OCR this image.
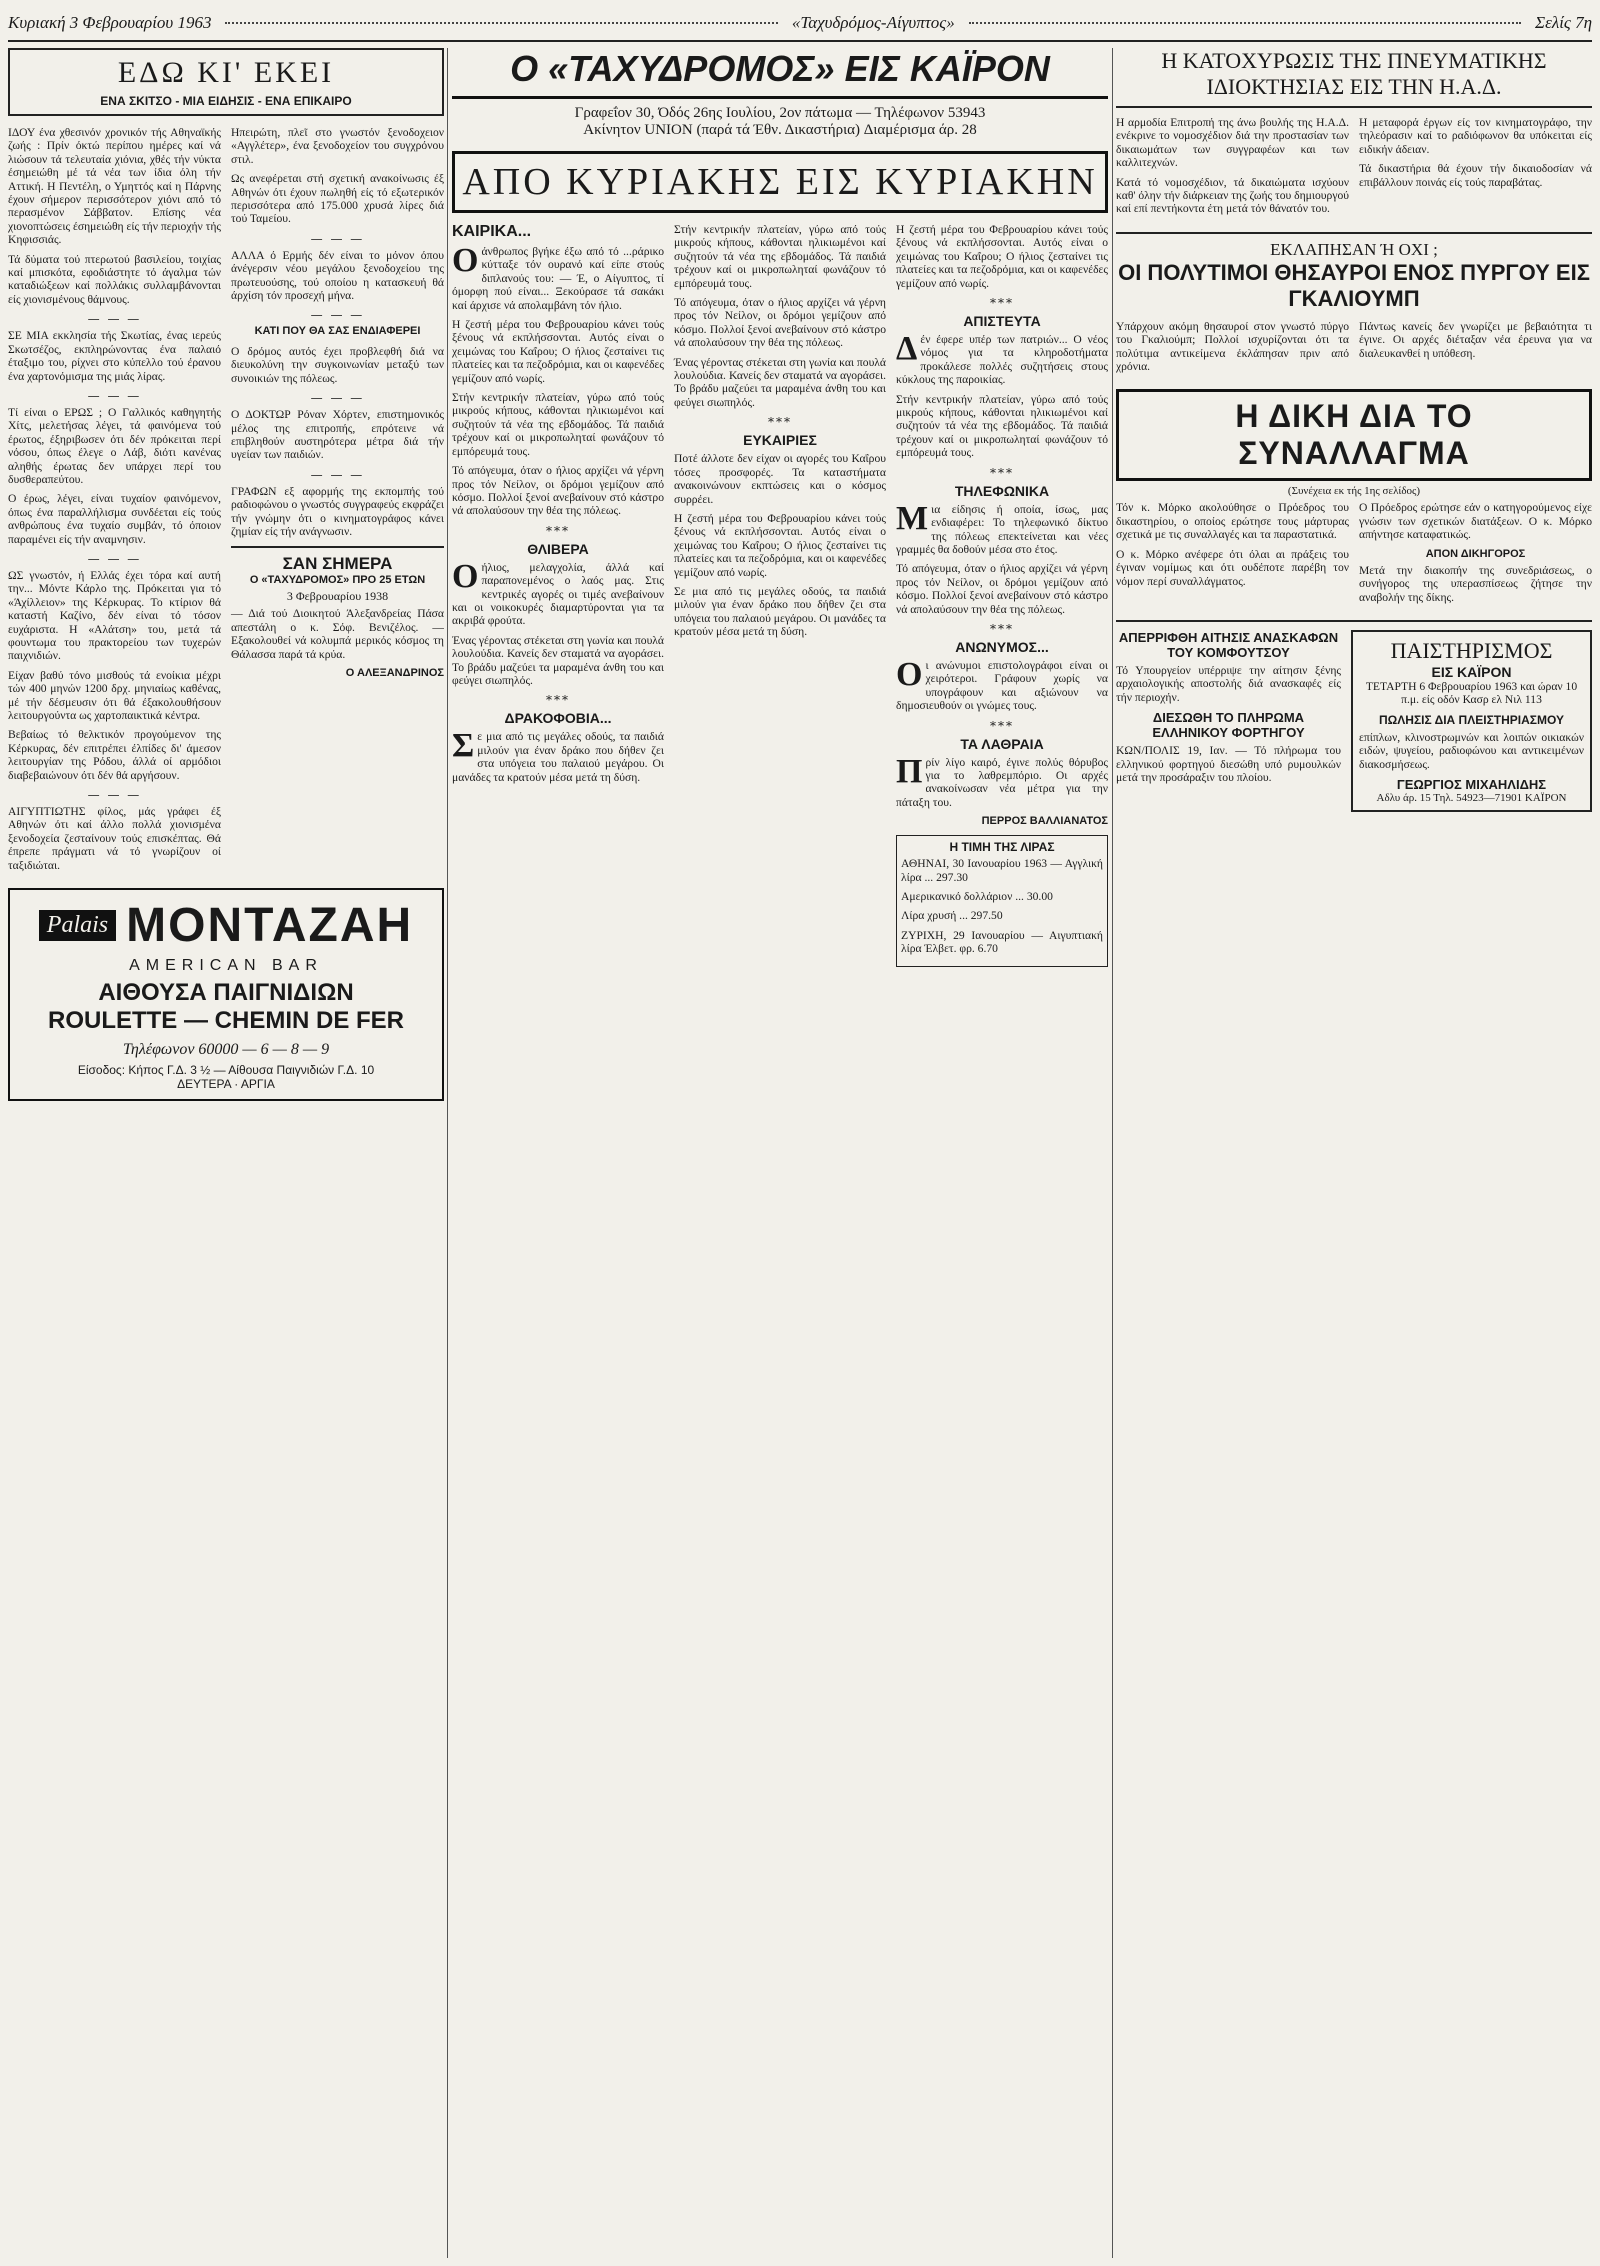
Κυριακή 3 Φεβρουαρίου 1963	«Ταχυδρόμος-Αίγυπτος»	Σελίς 7η
ΕΔΩ ΚΙ' ΕΚΕΙ
ΕΝΑ ΣΚΙΤΣΟ - ΜΙΑ ΕΙΔΗΣΙΣ - ΕΝΑ ΕΠΙΚΑΙΡΟ

ΙΔΟΥ ένα χθεσινόν χρονικόν τής Αθηναϊκής ζωής : Πρίν όκτώ περίπου ημέρες καί νά λιώσουν τά τελευταία χιόνια, χθές τήν νύκτα έσημειώθη μέ τά νέα των ίδια όλη τήν Αττική. Η Πεντέλη, ο Υμηττός καί η Πάρνης έχουν σήμερον περισσότερον χιόνι από τό περασμένον Σάββατον. Επίσης νέα χιονοπτώσεις έσημειώθη είς τήν περιοχήν τής Κηφισσιάς.

Τά δύματα τού πτερωτού βασιλείου, τοιχίας καί μπισκότα, εφοδιάστητε τό άγαλμα τών καταδιώξεων καί πολλάκις συλλαμβάνονται είς χιονισμένους θάμνους.

— — —

ΣΕ ΜΙΑ εκκλησία τής Σκωτίας, ένας ιερεύς Σκωτσέζος, εκπληρώνοντας ένα παλαιό έταξιμο του, ρίχνει στο κύπελλο τού έρανου ένα χαρτονόμισμα της μιάς λίρας.

— — —

Τί είναι ο ΕΡΩΣ ; Ο Γαλλικός καθηγητής Χίτς, μελετήσας λέγει, τά φαινόμενα τού έρωτος, έξηριβωσεν ότι δέν πρόκειται περί νόσου, όπως έλεγε ο Λάβ, διότι κανένας αληθής έρωτας δεν υπάρχει περί του δυσθεραπεύτου.

Ο έρως, λέγει, είναι τυχαίον φαινόμενον, όπως ένα παραλλήλισμα συνδέεται είς τούς ανθρώπους ένα τυχαίο συμβάν, τό όποιον παραμένει είς τήν αναμνησιν.

— — —

ΩΣ γνωστόν, ή Ελλάς έχει τόρα καί αυτή την... Μόντε Κάρλο της. Πρόκειται για τό «Άχίλλειον» της Κέρκυρας. Το κτίριον θά καταστή Καζίνο, δέν είναι τό τόσον ευχάριστα. Η «Αλάτση» του, μετά τά φουντωμα του πρακτορείου των τυχερών παιχνιδιών.

Είχαν βαθύ τόνο μισθούς τά ενοίκια μέχρι τών 400 μηνών 1200 δρχ. μηνιαίως καθένας, μέ τήν δέσμευσιν ότι θά έξακολουθήσουν λειτουργούντα ως χαρτοπαικτικά κέντρα.

Βεβαίως τό θελκτικόν προγούμενον της Κέρκυρας, δέν επιτρέπει έλπίδες δι' άμεσον λειτουργίαν της Ρόδου, άλλά οί αρμόδιοι διαβεβαιώνουν ότι δέν θά αργήσουν.

— — —

ΑΙΓΥΠΤΙΩΤΗΣ φίλος, μάς γράφει έξ Αθηνών ότι καί άλλο πολλά χιονισμένα ξενοδοχεία ζεσταίνουν τούς επισκέπτας. Θά έπρεπε πράγματι νά τό γνωρίζουν οί ταξιδιώται.

Ηπειρώτη, πλεῖ στο γνωστόν ξενοδοχειον «Αγγλέτερ», ένα ξενοδοχείον του συγχρόνου στιλ.

Ως ανεφέρεται στή σχετική ανακοίνωσις έξ Αθηνών ότι έχουν πωληθή είς τό εξωτερικόν περισσότερα από 175.000 χρυσά λίρες διά τού Ταμείου.

— — —

ΑΛΛΑ ό Ερμής δέν είναι το μόνον όπου άνέγερσιν νέου μεγάλου ξενοδοχείου της πρωτευούσης, τού οποίου η κατασκευή θά άρχίση τόν προσεχή μήνα.

— — —

ΚΑΤΙ ΠΟΥ ΘΑ ΣΑΣ ΕΝΔΙΑΦΕΡΕΙ

Ο δρόμος αυτός έχει προβλεφθή διά να διευκολύνη την συγκοινωνίαν μεταξύ των συνοικιών της πόλεως.

— — —

Ο ΔΟΚΤΩΡ Ρόναν Χόρτεν, επιστημονικός μέλος της επιτροπής, επρότεινε νά επιβληθούν αυστηρότερα μέτρα διά τήν υγείαν των παιδιών.

— — —

ΓΡΑΦΩΝ εξ αφορμής της εκπομπής τού ραδιοφώνου ο γνωστός συγγραφεύς εκφράζει τήν γνώμην ότι ο κινηματογράφος κάνει ζημίαν είς τήν ανάγνωσιν.

ΣΑΝ ΣΗΜΕΡΑ
Ο «ΤΑΧΥΔΡΟΜΟΣ» ΠΡΟ 25 ΕΤΩΝ
3 Φεβρουαρίου 1938

— Διά τού Διοικητού Άλεξανδρείας Πάσα απεστάλη ο κ. Σόφ. Βενιζέλος. — Εξακολουθεί νά κολυμπά μερικός κόσμος τη Θάλασσα παρά τά κρύα.

Ο ΑΛΕΞΑΝΔΡΙΝΟΣ
Palais MONTAZAH
AMERICAN BAR
ΑΙΘΟΥΣΑ ΠΑΙΓΝΙΔΙΩΝ
ROULETTE — CHEMIN DE FER
Τηλέφωνον 60000 — 6 — 8 — 9
Είσοδος: Κήπος Γ.Δ. 3 ½ — Αίθουσα Παιγνιδιών Γ.Δ. 10
ΔΕΥΤΕΡΑ · ΑΡΓΙΑ
Ο «ΤΑΧΥΔΡΟΜΟΣ» ΕΙΣ ΚΑΪΡΟΝ
Γραφεΐον 30, Όδός 26ης Ιουλίου, 2ον πάτωμα — Τηλέφωνον 53943
Ακίνητον UNION (παρά τά Έθν. Δικαστήρια) Διαμέρισμα άρ. 28
ΑΠΟ ΚΥΡΙΑΚΗΣ ΕΙΣ ΚΥΡΙΑΚΗΝ
ΚΑΙΡΙΚΑ...

Οάνθρωπος βγήκε έξω από τό ...ράρικο κύτταξε τόν ουρανό καί είπε στούς διπλανούς του: — Έ, ο Αίγυπτος, τί όμορφη πού είναι... Ξεκούρασε τά σακάκι καί άρχισε νά απολαμβάνη τόν ήλιο.

Η ζεστή μέρα του Φεβρουαρίου κάνει τούς ξένους νά εκπλήσσονται. Αυτός είναι ο χειμώνας του Καΐρου; Ο ήλιος ζεσταίνει τις πλατείες και τα πεζοδρόμια, και οι καφενέδες γεμίζουν από νωρίς.

Στήν κεντρικήν πλατείαν, γύρω από τούς μικρούς κήπους, κάθονται ηλικιωμένοι καί συζητούν τά νέα της εβδομάδος. Τά παιδιά τρέχουν καί οι μικροπωληταί φωνάζουν τό εμπόρευμά τους.

Τό απόγευμα, όταν ο ήλιος αρχίζει νά γέρνη προς τόν Νείλον, οι δρόμοι γεμίζουν από κόσμο. Πολλοί ξενοί ανεβαίνουν στό κάστρο νά απολαύσουν την θέα της πόλεως.

***
ΘΛΙΒΕΡΑ

Οήλιος, μελαγχολία, άλλά καί παραπονεμένος ο λαός μας. Στις κεντρικές αγορές οι τιμές ανεβαίνουν και οι νοικοκυρές διαμαρτύρονται για τα ακριβά φρούτα.

Ένας γέροντας στέκεται στη γωνία και πουλά λουλούδια. Κανείς δεν σταματά να αγοράσει. Το βράδυ μαζεύει τα μαραμένα άνθη του και φεύγει σιωπηλός.

***
ΔΡΑΚΟΦΟΒΙΑ...

Σε μια από τις μεγάλες οδούς, τα παιδιά μιλούν για έναν δράκο που δήθεν ζει στα υπόγεια του παλαιού μεγάρου. Οι μανάδες τα κρατούν μέσα μετά τη δύση.

Στήν κεντρικήν πλατείαν, γύρω από τούς μικρούς κήπους, κάθονται ηλικιωμένοι καί συζητούν τά νέα της εβδομάδος. Τά παιδιά τρέχουν καί οι μικροπωληταί φωνάζουν τό εμπόρευμά τους.

Τό απόγευμα, όταν ο ήλιος αρχίζει νά γέρνη προς τόν Νείλον, οι δρόμοι γεμίζουν από κόσμο. Πολλοί ξενοί ανεβαίνουν στό κάστρο νά απολαύσουν την θέα της πόλεως.

Ένας γέροντας στέκεται στη γωνία και πουλά λουλούδια. Κανείς δεν σταματά να αγοράσει. Το βράδυ μαζεύει τα μαραμένα άνθη του και φεύγει σιωπηλός.

***
ΕΥΚΑΙΡΙΕΣ

Ποτέ άλλοτε δεν είχαν οι αγορές του Καΐρου τόσες προσφορές. Τα καταστήματα ανακοινώνουν εκπτώσεις και ο κόσμος συρρέει.

Η ζεστή μέρα του Φεβρουαρίου κάνει τούς ξένους νά εκπλήσσονται. Αυτός είναι ο χειμώνας του Καΐρου; Ο ήλιος ζεσταίνει τις πλατείες και τα πεζοδρόμια, και οι καφενέδες γεμίζουν από νωρίς.

Σε μια από τις μεγάλες οδούς, τα παιδιά μιλούν για έναν δράκο που δήθεν ζει στα υπόγεια του παλαιού μεγάρου. Οι μανάδες τα κρατούν μέσα μετά τη δύση.

Η ζεστή μέρα του Φεβρουαρίου κάνει τούς ξένους νά εκπλήσσονται. Αυτός είναι ο χειμώνας του Καΐρου; Ο ήλιος ζεσταίνει τις πλατείες και τα πεζοδρόμια, και οι καφενέδες γεμίζουν από νωρίς.

***
ΑΠΙΣΤΕΥΤΑ

Δέν έφερε υπέρ των πατριών... Ο νέος νόμος για τα κληροδοτήματα προκάλεσε πολλές συζητήσεις στους κύκλους της παροικίας.

Στήν κεντρικήν πλατείαν, γύρω από τούς μικρούς κήπους, κάθονται ηλικιωμένοι καί συζητούν τά νέα της εβδομάδος. Τά παιδιά τρέχουν καί οι μικροπωληταί φωνάζουν τό εμπόρευμά τους.

***
ΤΗΛΕΦΩΝΙΚΑ

Μια είδησις ή οποία, ίσως, μας ενδιαφέρει: Το τηλεφωνικό δίκτυο της πόλεως επεκτείνεται και νέες γραμμές θα δοθούν μέσα στο έτος.

Τό απόγευμα, όταν ο ήλιος αρχίζει νά γέρνη προς τόν Νείλον, οι δρόμοι γεμίζουν από κόσμο. Πολλοί ξενοί ανεβαίνουν στό κάστρο νά απολαύσουν την θέα της πόλεως.

***
ΑΝΩΝΥΜΟΣ...

Οι ανώνυμοι επιστολογράφοι είναι οι χειρότεροι. Γράφουν χωρίς να υπογράφουν και αξιώνουν να δημοσιευθούν οι γνώμες τους.

***
ΤΑ ΛΑΘΡΑΙΑ

Πρίν λίγο καιρό, έγινε πολύς θόρυβος για το λαθρεμπόριο. Οι αρχές ανακοίνωσαν νέα μέτρα για την πάταξη του.

ΠΕΡΡΟΣ ΒΑΛΛΙΑΝΑΤΟΣ
Η ΤΙΜΗ ΤΗΣ ΛΙΡΑΣ
ΑΘΗΝΑΙ, 30 Ιανουαρίου 1963 — Αγγλική λίρα ... 297.30
Αμερικανικό δολλάριον ... 30.00
Λίρα χρυσή ... 297.50
ΖΥΡΙΧΗ, 29 Ιανουαρίου — Αιγυπτιακή λίρα Έλβετ. φρ. 6.70
Η ΚΑΤΟΧΥΡΩΣΙΣ ΤΗΣ ΠΝΕΥΜΑΤΙΚΗΣ ΙΔΙΟΚΤΗΣΙΑΣ ΕΙΣ ΤΗΝ Η.Α.Δ.

Η αρμοδία Επιτροπή της άνω βουλής της Η.Α.Δ. ενέκρινε το νομοσχέδιον διά την προστασίαν των δικαιωμάτων των συγγραφέων και των καλλιτεχνών.

Κατά τό νομοσχέδιον, τά δικαιώματα ισχύουν καθ' όλην τήν διάρκειαν της ζωής του δημιουργού καί επί πεντήκοντα έτη μετά τόν θάνατόν του.

Η μεταφορά έργων είς τον κινηματογράφο, την τηλεόρασιν καί το ραδιόφωνον θα υπόκειται είς ειδικήν άδειαν.

Τά δικαστήρια θά έχουν τήν δικαιοδοσίαν νά επιβάλλουν ποινάς είς τούς παραβάτας.

ΕΚΛΑΠΗΣΑΝ Ή ΟΧΙ ;
ΟΙ ΠΟΛΥΤΙΜΟΙ ΘΗΣΑΥΡΟΙ ΕΝΟΣ ΠΥΡΓΟΥ ΕΙΣ ΓΚΑΛΙΟΥΜΠ

Υπάρχουν ακόμη θησαυροί στον γνωστό πύργο του Γκαλιούμπ; Πολλοί ισχυρίζονται ότι τα πολύτιμα αντικείμενα έκλάπησαν πριν από χρόνια.

Πάντως κανείς δεν γνωρίζει με βεβαιότητα τι έγινε. Οι αρχές διέταξαν νέα έρευνα για να διαλευκανθεί η υπόθεση.

Η ΔΙΚΗ ΔΙΑ ΤΟ ΣΥΝΑΛΛΑΓΜΑ
(Συνέχεια εκ τής 1ης σελίδος)

Τόν κ. Μόρκο ακολούθησε ο Πρόεδρος του δικαστηρίου, ο οποίος ερώτησε τους μάρτυρας σχετικά με τις συναλλαγές και τα παραστατικά.

Ο κ. Μόρκο ανέφερε ότι όλαι αι πράξεις του έγιναν νομίμως και ότι ουδέποτε παρέβη τον νόμον περί συναλλάγματος.

Ο Πρόεδρος ερώτησε εάν ο κατηγορούμενος είχε γνώσιν των σχετικών διατάξεων. Ο κ. Μόρκο απήντησε καταφατικώς.

ΑΠΟΝ ΔΙΚΗΓΟΡΟΣ

Μετά την διακοπήν της συνεδριάσεως, ο συνήγορος της υπερασπίσεως ζήτησε την αναβολήν της δίκης.

ΑΠΕΡΡΙΦΘΗ ΑΙΤΗΣΙΣ ΑΝΑΣΚΑΦΩΝ ΤΟΥ ΚΟΜΦΟΥΤΣΟΥ

Τό Υπουργείον υπέρριψε την αίτησιν ξένης αρχαιολογικής αποστολής διά ανασκαφές είς τήν περιοχήν.

ΔΙΕΣΩΘΗ ΤΟ ΠΛΗΡΩΜΑ ΕΛΛΗΝΙΚΟΥ ΦΟΡΤΗΓΟΥ

ΚΩΝ/ΠΟΛΙΣ 19, Ιαν. — Τό πλήρωμα του ελληνικού φορτηγού διεσώθη υπό ρυμουλκών μετά την προσάραξιν του πλοίου.

ΠΑΙΣΤΗΡΙΣΜΟΣ
ΕΙΣ ΚΑΪΡΟΝ

ΤΕΤΑΡΤΗ 6 Φεβρουαρίου 1963 και ώραν 10 π.μ. είς οδόν Κασρ ελ Νιλ 113

ΠΩΛΗΣΙΣ ΔΙΑ ΠΛΕΙΣΤΗΡΙΑΣΜΟΥ

επίπλων, κλινοστρωμνών και λοιπών οικιακών ειδών, ψυγείου, ραδιοφώνου και αντικειμένων διακοσμήσεως.

ΓΕΩΡΓΙΟΣ ΜΙΧΑΗΛΙΔΗΣ
Αδλυ άρ. 15 Τηλ. 54923—71901 ΚΑΪΡΟΝ
